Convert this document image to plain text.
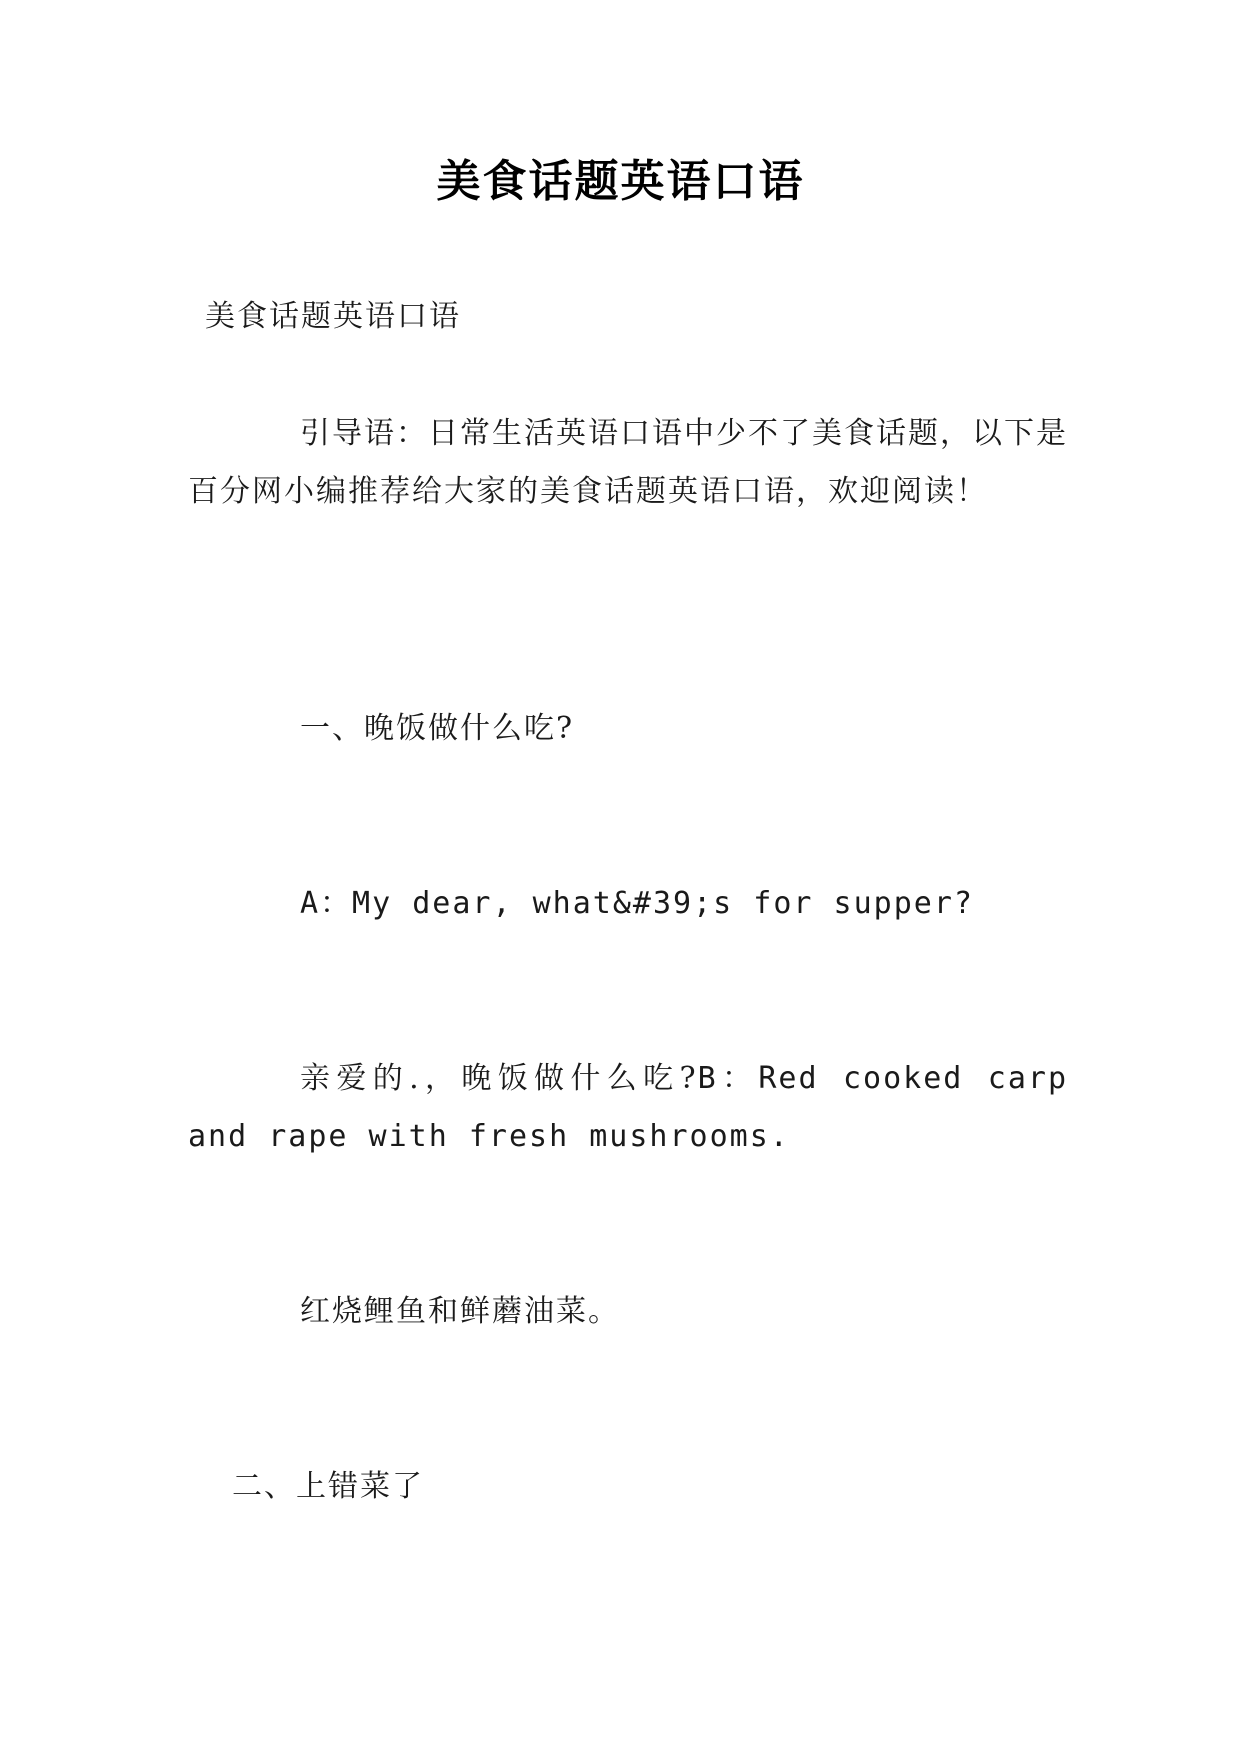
美食话题英语口语
美食话题英语口语
引导语：日常生活英语口语中少不了美食话题，以下是百分网小编推荐给大家的美食话题英语口语，欢迎阅读！
一、晚饭做什么吃?
A：My dear, what&#39;s for supper?
亲爱的.，晚饭做什么吃?B：Red cooked carp and rape with fresh mushrooms.
红烧鲤鱼和鲜蘑油菜。
二、上错菜了
